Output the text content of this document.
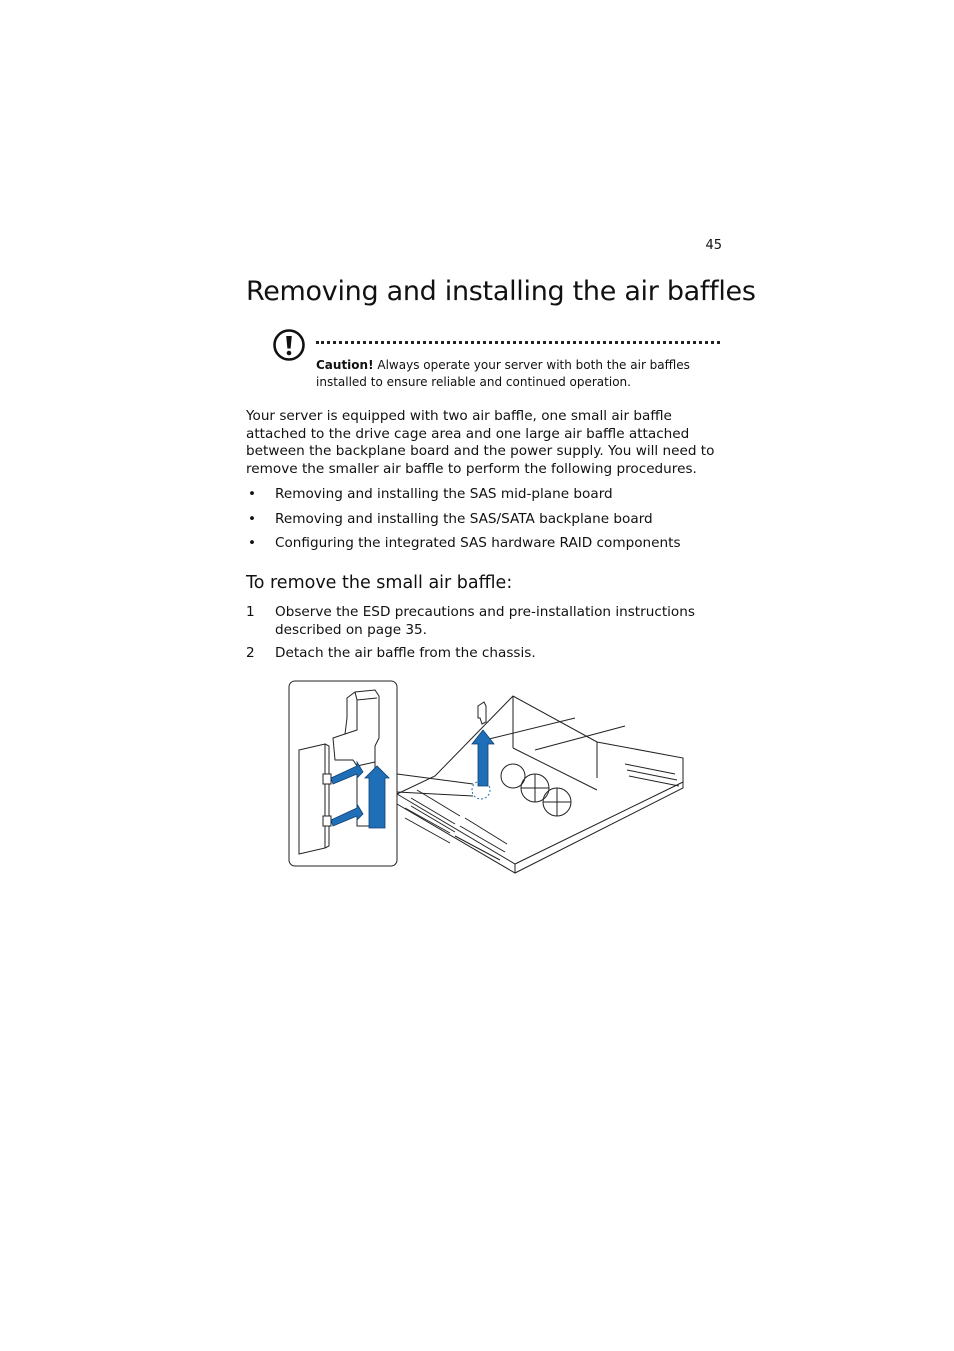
45
Removing and installing the air baffles
Caution! Always operate your server with both the air baffles installed to ensure reliable and continued operation.

Your server is equipped with two air baffle, one small air baffle attached to the drive cage area and one large air baffle attached between the backplane board and the power supply. You will need to remove the smaller air baffle to perform the following procedures.

• Removing and installing the SAS mid-plane board
• Removing and installing the SAS/SATA backplane board
• Configuring the integrated SAS hardware RAID components
To remove the small air baffle:
1 Observe the ESD precautions and pre-installation instructions described on page 35.
2 Detach the air baffle from the chassis.
